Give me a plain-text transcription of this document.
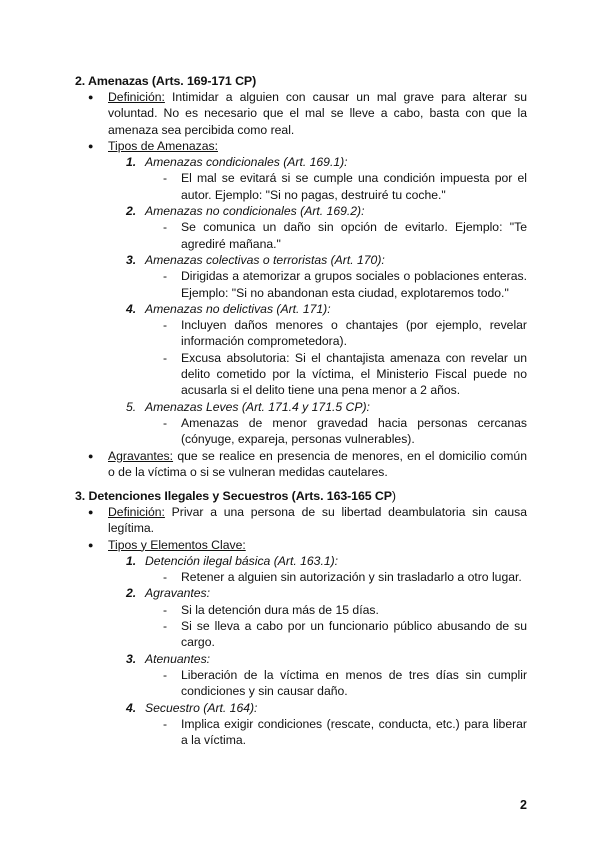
2. Amenazas (Arts. 169-171 CP)
● Definición: Intimidar a alguien con causar un mal grave para alterar su voluntad. No es necesario que el mal se lleve a cabo, basta con que la amenaza sea percibida como real.
● Tipos de Amenazas:
1. Amenazas condicionales (Art. 169.1):
- El mal se evitará si se cumple una condición impuesta por el autor. Ejemplo: "Si no pagas, destruiré tu coche."
2. Amenazas no condicionales (Art. 169.2):
- Se comunica un daño sin opción de evitarlo. Ejemplo: "Te agrediré mañana."
3. Amenazas colectivas o terroristas (Art. 170):
- Dirigidas a atemorizar a grupos sociales o poblaciones enteras. Ejemplo: "Si no abandonan esta ciudad, explotaremos todo."
4. Amenazas no delictivas (Art. 171):
- Incluyen daños menores o chantajes (por ejemplo, revelar información comprometedora).
- Excusa absolutoria: Si el chantajista amenaza con revelar un delito cometido por la víctima, el Ministerio Fiscal puede no acusarla si el delito tiene una pena menor a 2 años.
5. Amenazas Leves (Art. 171.4 y 171.5 CP):
- Amenazas de menor gravedad hacia personas cercanas (cónyuge, expareja, personas vulnerables).
● Agravantes: que se realice en presencia de menores, en el domicilio común o de la víctima o si se vulneran medidas cautelares.
3. Detenciones Ilegales y Secuestros (Arts. 163-165 CP)
● Definición: Privar a una persona de su libertad deambulatoria sin causa legítima.
● Tipos y Elementos Clave:
1. Detención ilegal básica (Art. 163.1):
- Retener a alguien sin autorización y sin trasladarlo a otro lugar.
2. Agravantes:
- Si la detención dura más de 15 días.
- Si se lleva a cabo por un funcionario público abusando de su cargo.
3. Atenuantes:
- Liberación de la víctima en menos de tres días sin cumplir condiciones y sin causar daño.
4. Secuestro (Art. 164):
- Implica exigir condiciones (rescate, conducta, etc.) para liberar a la víctima.
2
